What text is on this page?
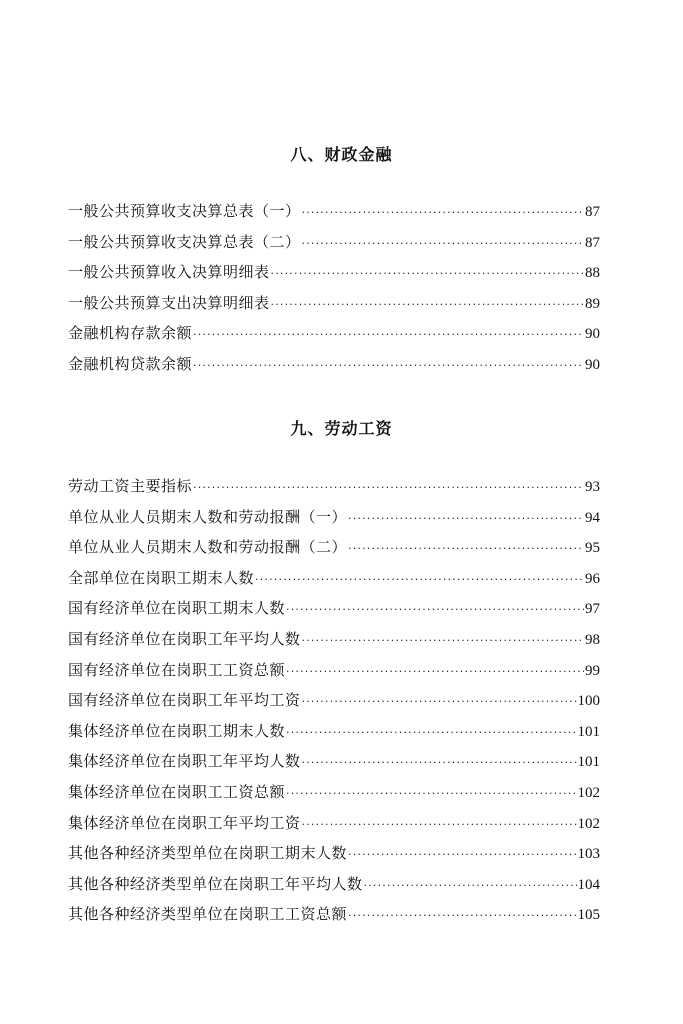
八、财政金融
一般公共预算收支决算总表（一） ·····	87
一般公共预算收支决算总表（二） ·····	87
一般公共预算收入决算明细表 ·····	88
一般公共预算支出决算明细表 ·····	89
金融机构存款余额 ·····	90
金融机构贷款余额 ·····	90
九、劳动工资
劳动工资主要指标 ·····	93
单位从业人员期末人数和劳动报酬（一） ·····	94
单位从业人员期末人数和劳动报酬（二） ·····	95
全部单位在岗职工期末人数 ·····	96
国有经济单位在岗职工期末人数 ·····	97
国有经济单位在岗职工年平均人数 ·····	98
国有经济单位在岗职工工资总额 ·····	99
国有经济单位在岗职工年平均工资 ·····	100
集体经济单位在岗职工期末人数 ·····	101
集体经济单位在岗职工年平均人数 ·····	101
集体经济单位在岗职工工资总额 ·····	102
集体经济单位在岗职工年平均工资 ·····	102
其他各种经济类型单位在岗职工期末人数 ·····	103
其他各种经济类型单位在岗职工年平均人数 ·····	104
其他各种经济类型单位在岗职工工资总额 ·····	105
